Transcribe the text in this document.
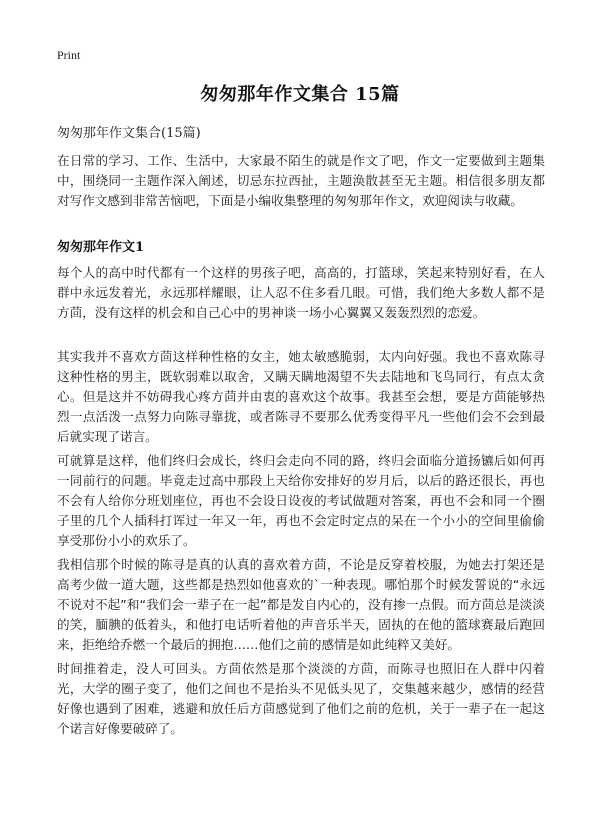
Print
匆匆那年作文集合 15篇

匆匆那年作文集合(15篇)

在日常的学习、工作、生活中，大家最不陌生的就是作文了吧，作文一定要做到主题集中，围绕同一主题作深入阐述，切忌东拉西扯，主题涣散甚至无主题。相信很多朋友都对写作文感到非常苦恼吧，下面是小编收集整理的匆匆那年作文，欢迎阅读与收藏。

匆匆那年作文1

每个人的高中时代都有一个这样的男孩子吧，高高的，打篮球，笑起来特别好看，在人群中永远发着光，永远那样耀眼，让人忍不住多看几眼。可惜，我们绝大多数人都不是方茴，没有这样的机会和自己心中的男神谈一场小心翼翼又轰轰烈烈的恋爱。

其实我并不喜欢方茴这样种性格的女主，她太敏感脆弱，太内向好强。我也不喜欢陈寻这种性格的男主，既软弱难以取舍，又瞒天瞒地渴望不失去陆地和飞鸟同行，有点太贪心。但是这并不妨碍我心疼方茴并由衷的喜欢这个故事。我甚至会想，要是方茴能够热烈一点活泼一点努力向陈寻靠拢，或者陈寻不要那么优秀变得平凡一些他们会不会到最后就实现了诺言。

可就算是这样，他们终归会成长，终归会走向不同的路，终归会面临分道扬镳后如何再一同前行的问题。毕竟走过高中那段上天给你安排好的岁月后，以后的路还很长，再也不会有人给你分班划座位，再也不会设日设夜的考试做题对答案，再也不会和同一个圈子里的几个人插科打诨过一年又一年，再也不会定时定点的呆在一个小小的空间里偷偷享受那份小小的欢乐了。

我相信那个时候的陈寻是真的认真的喜欢着方茴，不论是反穿着校服，为她去打架还是高考少做一道大题，这些都是热烈如他喜欢的`一种表现。哪怕那个时候发誓说的“永远不说对不起”和“我们会一辈子在一起”都是发自内心的，没有掺一点假。而方茴总是淡淡的笑，腼腆的低着头，和他打电话听着他的声音乐半天，固执的在他的篮球赛最后跑回来，拒绝给乔燃一个最后的拥抱……他们之前的感情是如此纯粹又美好。

时间推着走，没人可回头。方茴依然是那个淡淡的方茴，而陈寻也照旧在人群中闪着光，大学的圈子变了，他们之间也不是抬头不见低头见了，交集越来越少，感情的经营好像也遇到了困难，逃避和放任后方茴感觉到了他们之前的危机，关于一辈子在一起这个诺言好像要破碎了。
